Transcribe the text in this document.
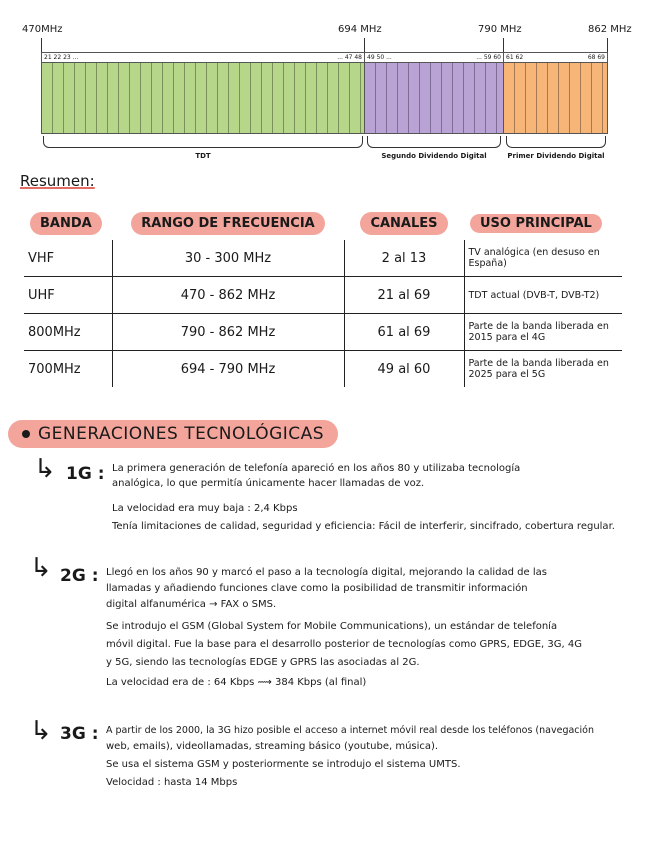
470MHz	694 MHz	790 MHz	862 MHz
21 22 23 ...	... 47 48 49 50 ...	... 59 60 61 62	68 69
TDT	Segundo Dividendo Digital	Primer Dividendo Digital
Resumen:
BANDA	RANGO DE FRECUENCIA	CANALES	USO PRINCIPAL
VHF	30 - 300 MHz	2 al 13	TV analógica (en desuso en España)
UHF	470 - 862 MHz	21 al 69	TDT actual (DVB-T, DVB-T2)
800MHz	790 - 862 MHz	61 al 69	Parte de la banda liberada en 2015 para el 4G
700MHz	694 - 790 MHz	49 al 60	Parte de la banda liberada en 2025 para el 5G
GENERACIONES TECNOLÓGICAS
↳ 1G : La primera generación de telefonía apareció en los años 80 y utilizaba tecnología
analógica, lo que permitía únicamente hacer llamadas de voz.
La velocidad era muy baja : 2,4 Kbps
Tenía limitaciones de calidad, seguridad y eficiencia: Fácil de interferir, sincifrado, cobertura regular.
↳ 2G : Llegó en los años 90 y marcó el paso a la tecnología digital, mejorando la calidad de las
llamadas y añadiendo funciones clave como la posibilidad de transmitir información
digital alfanumérica → FAX o SMS.
Se introdujo el GSM (Global System for Mobile Communications), un estándar de telefonía
móvil digital. Fue la base para el desarrollo posterior de tecnologías como GPRS, EDGE, 3G, 4G
y 5G, siendo las tecnologías EDGE y GPRS las asociadas al 2G.
La velocidad era de : 64 Kbps ⟿ 384 Kbps (al final)
↳ 3G : A partir de los 2000, la 3G hizo posible el acceso a internet móvil real desde los teléfonos (navegación
web, emails), videollamadas, streaming básico (youtube, música).
Se usa el sistema GSM y posteriormente se introdujo el sistema UMTS.
Velocidad : hasta 14 Mbps
